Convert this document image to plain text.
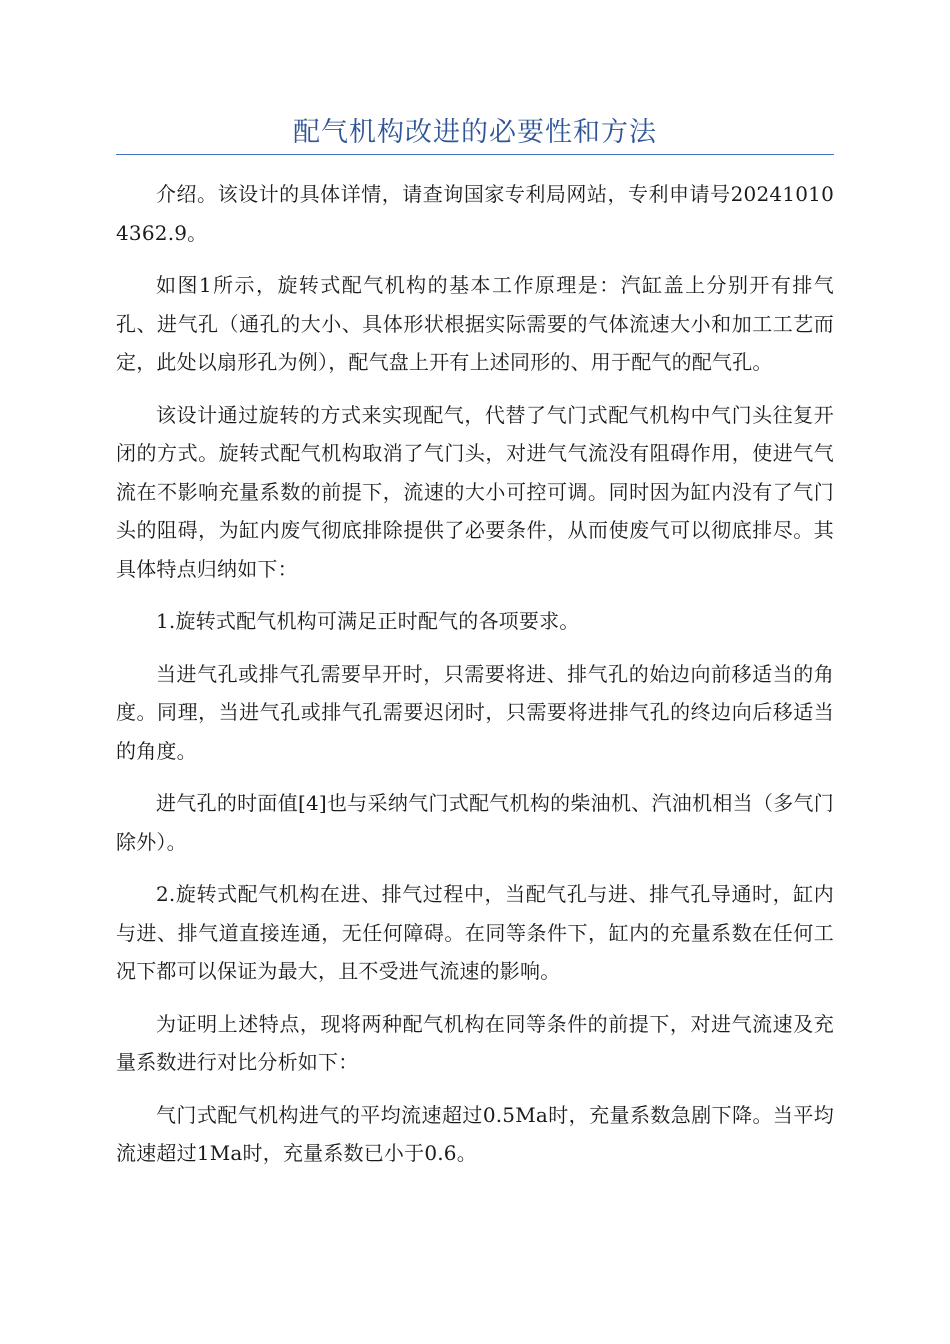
配气机构改进的必要性和方法

介绍。该设计的具体详情，请查询国家专利局网站，专利申请号202410104362.9。

如图1所示，旋转式配气机构的基本工作原理是：汽缸盖上分别开有排气孔、进气孔（通孔的大小、具体形状根据实际需要的气体流速大小和加工工艺而定，此处以扇形孔为例），配气盘上开有上述同形的、用于配气的配气孔。

该设计通过旋转的方式来实现配气，代替了气门式配气机构中气门头往复开闭的方式。旋转式配气机构取消了气门头，对进气气流没有阻碍作用，使进气气流在不影响充量系数的前提下，流速的大小可控可调。同时因为缸内没有了气门头的阻碍，为缸内废气彻底排除提供了必要条件，从而使废气可以彻底排尽。其具体特点归纳如下：

1.旋转式配气机构可满足正时配气的各项要求。

当进气孔或排气孔需要早开时，只需要将进、排气孔的始边向前移适当的角度。同理，当进气孔或排气孔需要迟闭时，只需要将进排气孔的终边向后移适当的角度。

进气孔的时面值[4]也与采纳气门式配气机构的柴油机、汽油机相当（多气门除外）。

2.旋转式配气机构在进、排气过程中，当配气孔与进、排气孔导通时，缸内与进、排气道直接连通，无任何障碍。在同等条件下，缸内的充量系数在任何工况下都可以保证为最大，且不受进气流速的影响。

为证明上述特点，现将两种配气机构在同等条件的前提下，对进气流速及充量系数进行对比分析如下：

气门式配气机构进气的平均流速超过0.5Ma时，充量系数急剧下降。当平均流速超过1Ma时，充量系数已小于0.6。
